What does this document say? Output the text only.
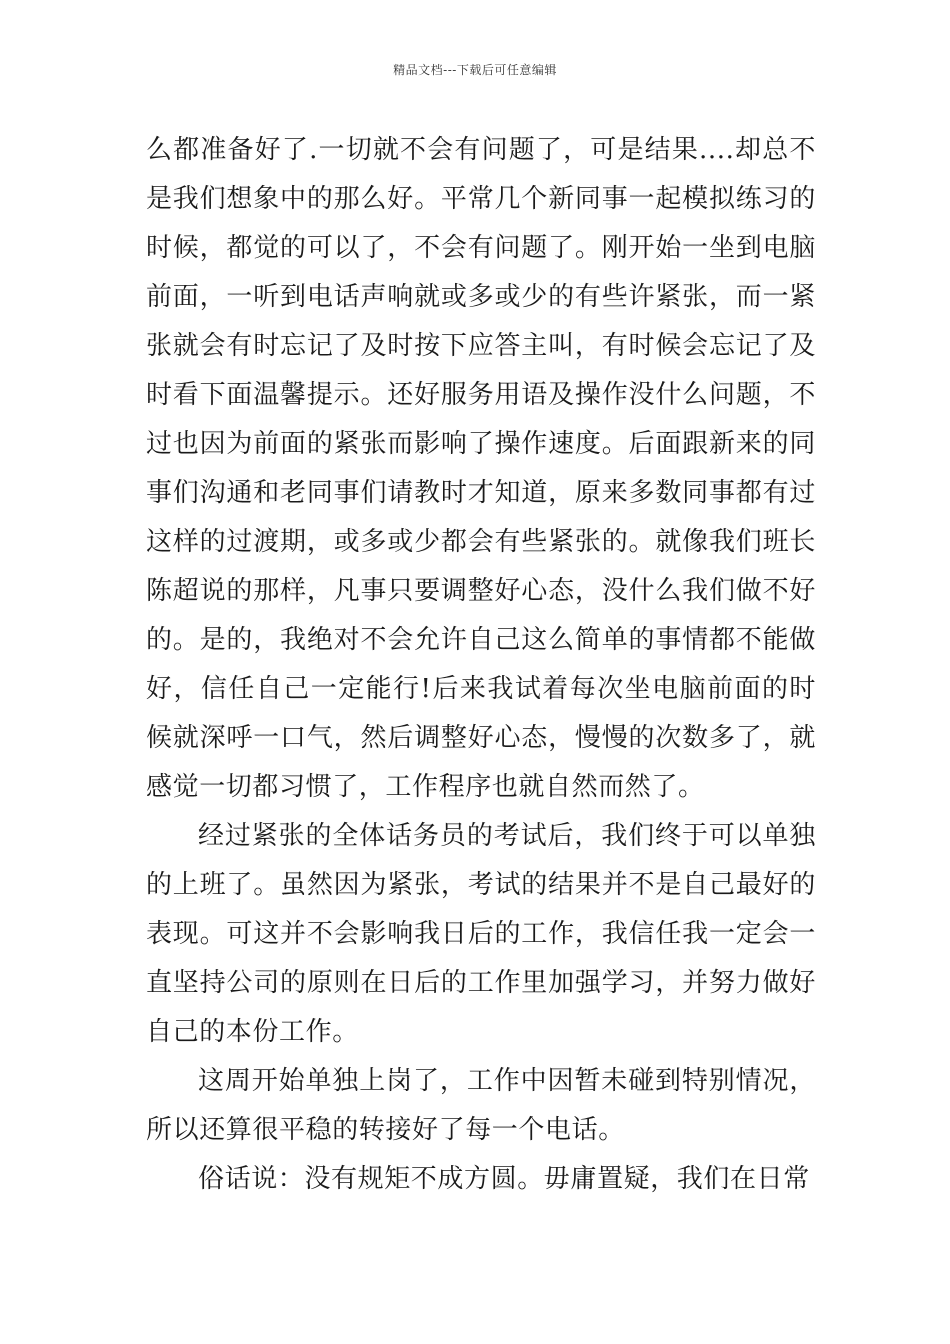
精品文档---下载后可任意编辑

么都准备好了.一切就不会有问题了，可是结果....却总不是我们想象中的那么好。平常几个新同事一起模拟练习的时候，都觉的可以了，不会有问题了。刚开始一坐到电脑前面，一听到电话声响就或多或少的有些许紧张，而一紧张就会有时忘记了及时按下应答主叫，有时候会忘记了及时看下面温馨提示。还好服务用语及操作没什么问题，不过也因为前面的紧张而影响了操作速度。后面跟新来的同事们沟通和老同事们请教时才知道，原来多数同事都有过这样的过渡期，或多或少都会有些紧张的。就像我们班长陈超说的那样，凡事只要调整好心态，没什么我们做不好的。是的，我绝对不会允许自己这么简单的事情都不能做好，信任自己一定能行!后来我试着每次坐电脑前面的时候就深呼一口气，然后调整好心态，慢慢的次数多了，就感觉一切都习惯了，工作程序也就自然而然了。

经过紧张的全体话务员的考试后，我们终于可以单独的上班了。虽然因为紧张，考试的结果并不是自己最好的表现。可这并不会影响我日后的工作，我信任我一定会一直坚持公司的原则在日后的工作里加强学习，并努力做好自己的本份工作。

这周开始单独上岗了，工作中因暂未碰到特别情况，所以还算很平稳的转接好了每一个电话。

俗话说：没有规矩不成方圆。毋庸置疑，我们在日常
